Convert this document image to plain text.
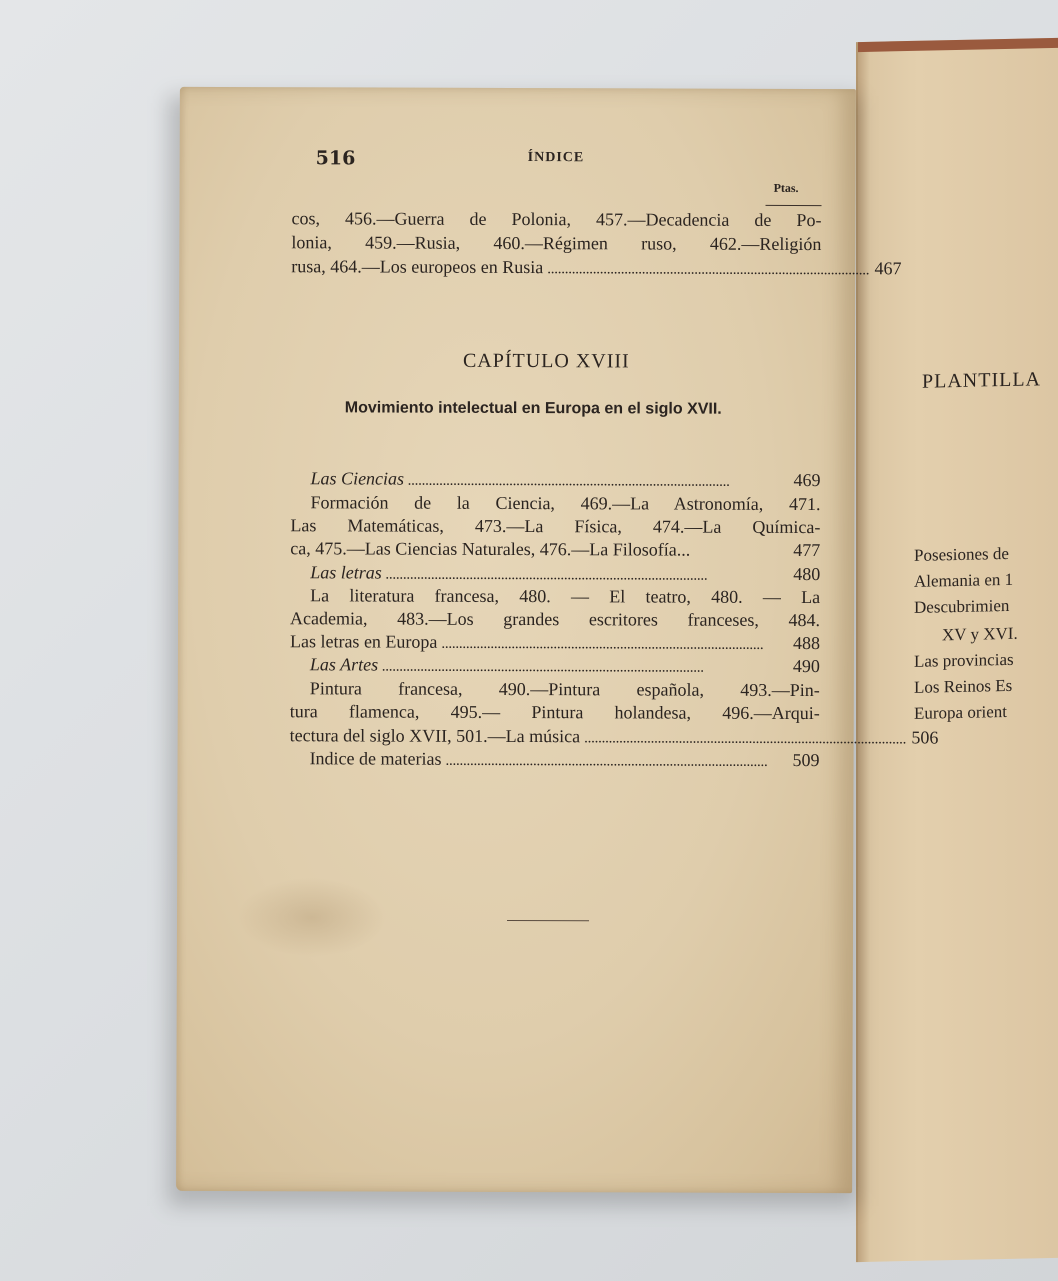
PLANTILLA
Posesiones de
Alemania en 1
Descubrimien
XV y XVI.
Las provincias
Los Reinos Es
Europa orient
516	ÍNDICE
Ptas.
cos, 456.—Guerra de Polonia, 457.—Decadencia de Po-
lonia, 459.—Rusia, 460.—Régimen ruso, 462.—Religión
rusa, 464.—Los europeos en Rusia . . .	467
CAPÍTULO XVIII
Movimiento intelectual en Europa en el siglo XVII.
Las Ciencias . . .	469
Formación de la Ciencia, 469.—La Astronomía, 471.
Las Matemáticas, 473.—La Física, 474.—La Química-
ca, 475.—Las Ciencias Naturales, 476.—La Filosofía...	477
Las letras . . .	480
La literatura francesa, 480. — El teatro, 480. — La
Academia, 483.—Los grandes escritores franceses, 484.
Las letras en Europa . . .	488
Las Artes . . .	490
Pintura francesa, 490.—Pintura española, 493.—Pin-
tura flamenca, 495.— Pintura holandesa, 496.—Arqui-
tectura del siglo XVII, 501.—La música . . .	506
Indice de materias . . .	509
